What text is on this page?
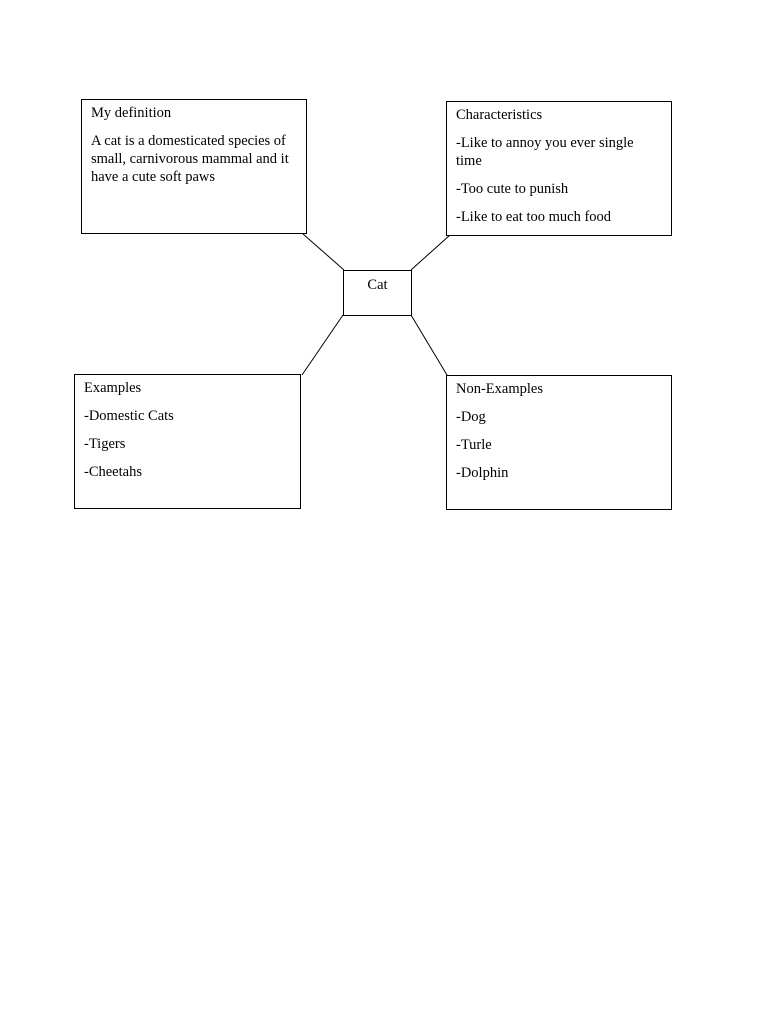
My definition

A cat is a domesticated species of small, carnivorous mammal and it have a cute soft paws

Characteristics

-Like to annoy you ever single time

-Too cute to punish

-Like to eat too much food

Cat

Examples

-Domestic Cats

-Tigers

-Cheetahs

Non-Examples

-Dog

-Turle

-Dolphin
